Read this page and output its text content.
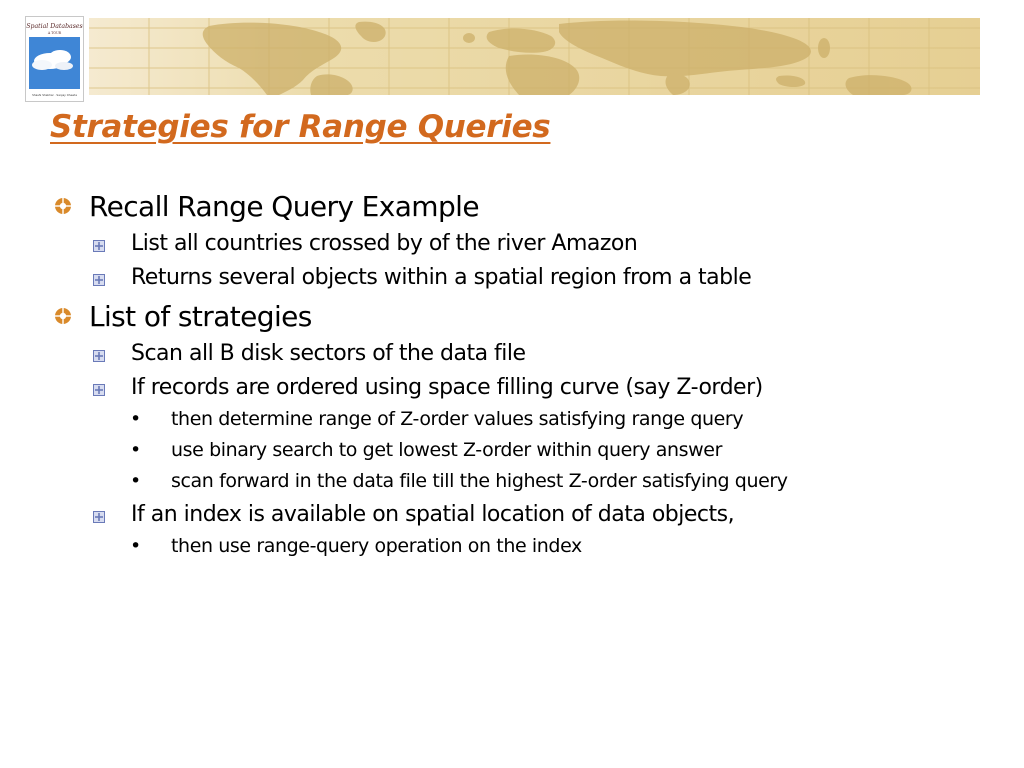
Spatial Databases
A TOUR
Shashi Shekhar · Sanjay Chawla
Strategies for Range Queries
Recall Range Query Example
List all countries crossed by of the river Amazon
Returns several objects within a spatial region from a table
List of strategies
Scan all B disk sectors of the data file
If records are ordered using space filling curve (say Z-order)
• then determine range of Z-order values satisfying range query
• use binary search to get lowest Z-order within query answer
• scan forward in the data file till the highest Z-order satisfying query
If an index is available on spatial location of data objects,
• then use range-query operation on the index
